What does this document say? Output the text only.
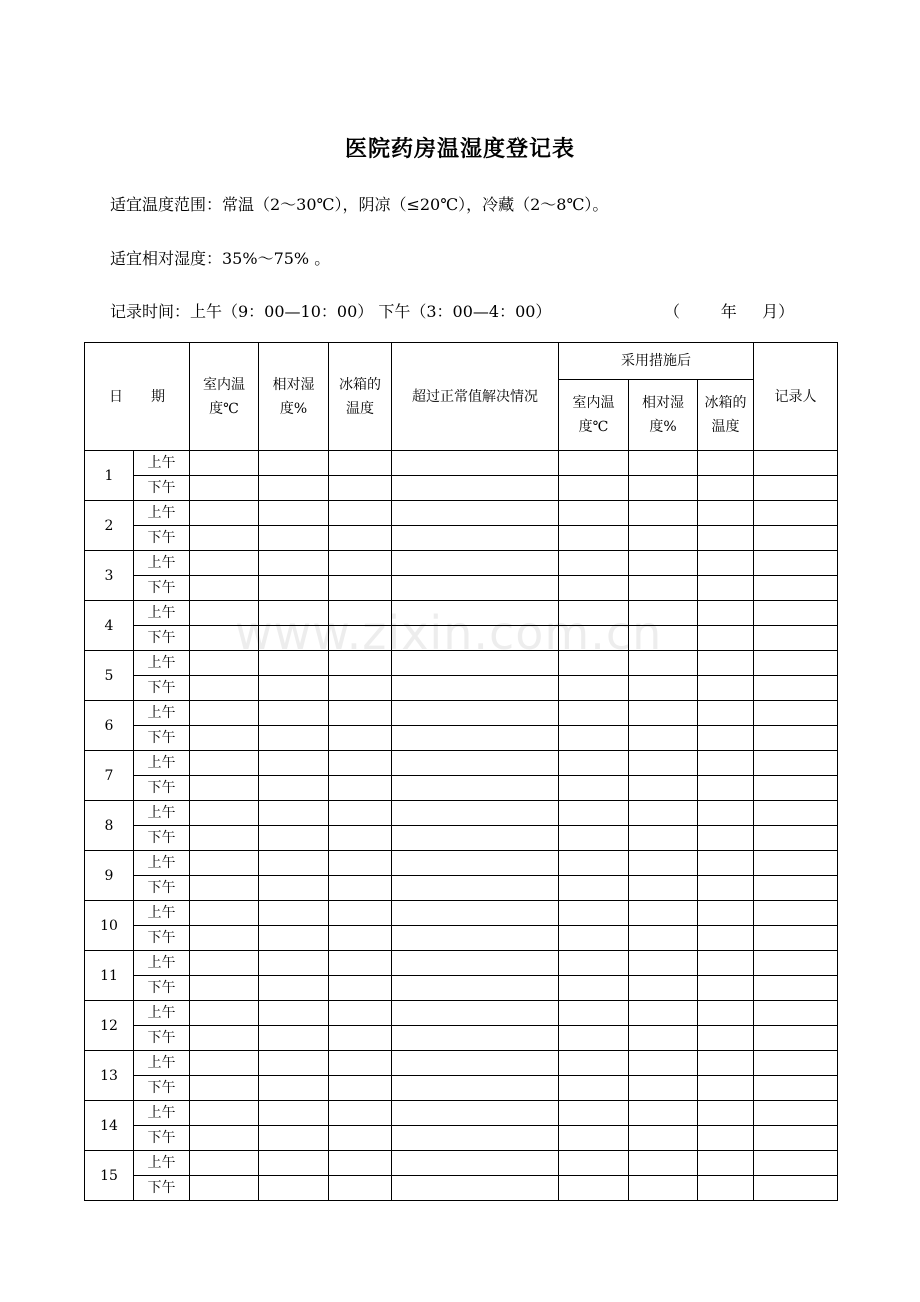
医院药房温湿度登记表
适宜温度范围：常温（2～30℃），阴凉（≤20℃），冷藏（2～8℃）。
适宜相对湿度：35%～75% 。
记录时间：上午（9：00—10：00） 下午（3：00—4：00）	（        年     月）
日　　期		室内温度℃	相对湿度%	冰箱的温度	超过正常值解决情况	采用措施后			记录人
						室内温度℃	相对湿度%	冰箱的温度	
1	上午								
	下午								
2	上午								
	下午								
3	上午								
	下午								
4	上午								
	下午								
5	上午								
	下午								
6	上午								
	下午								
7	上午								
	下午								
8	上午								
	下午								
9	上午								
	下午								
10	上午								
	下午								
11	上午								
	下午								
12	上午								
	下午								
13	上午								
	下午								
14	上午								
	下午								
15	上午								
	下午								
www.zixin.com.cn
